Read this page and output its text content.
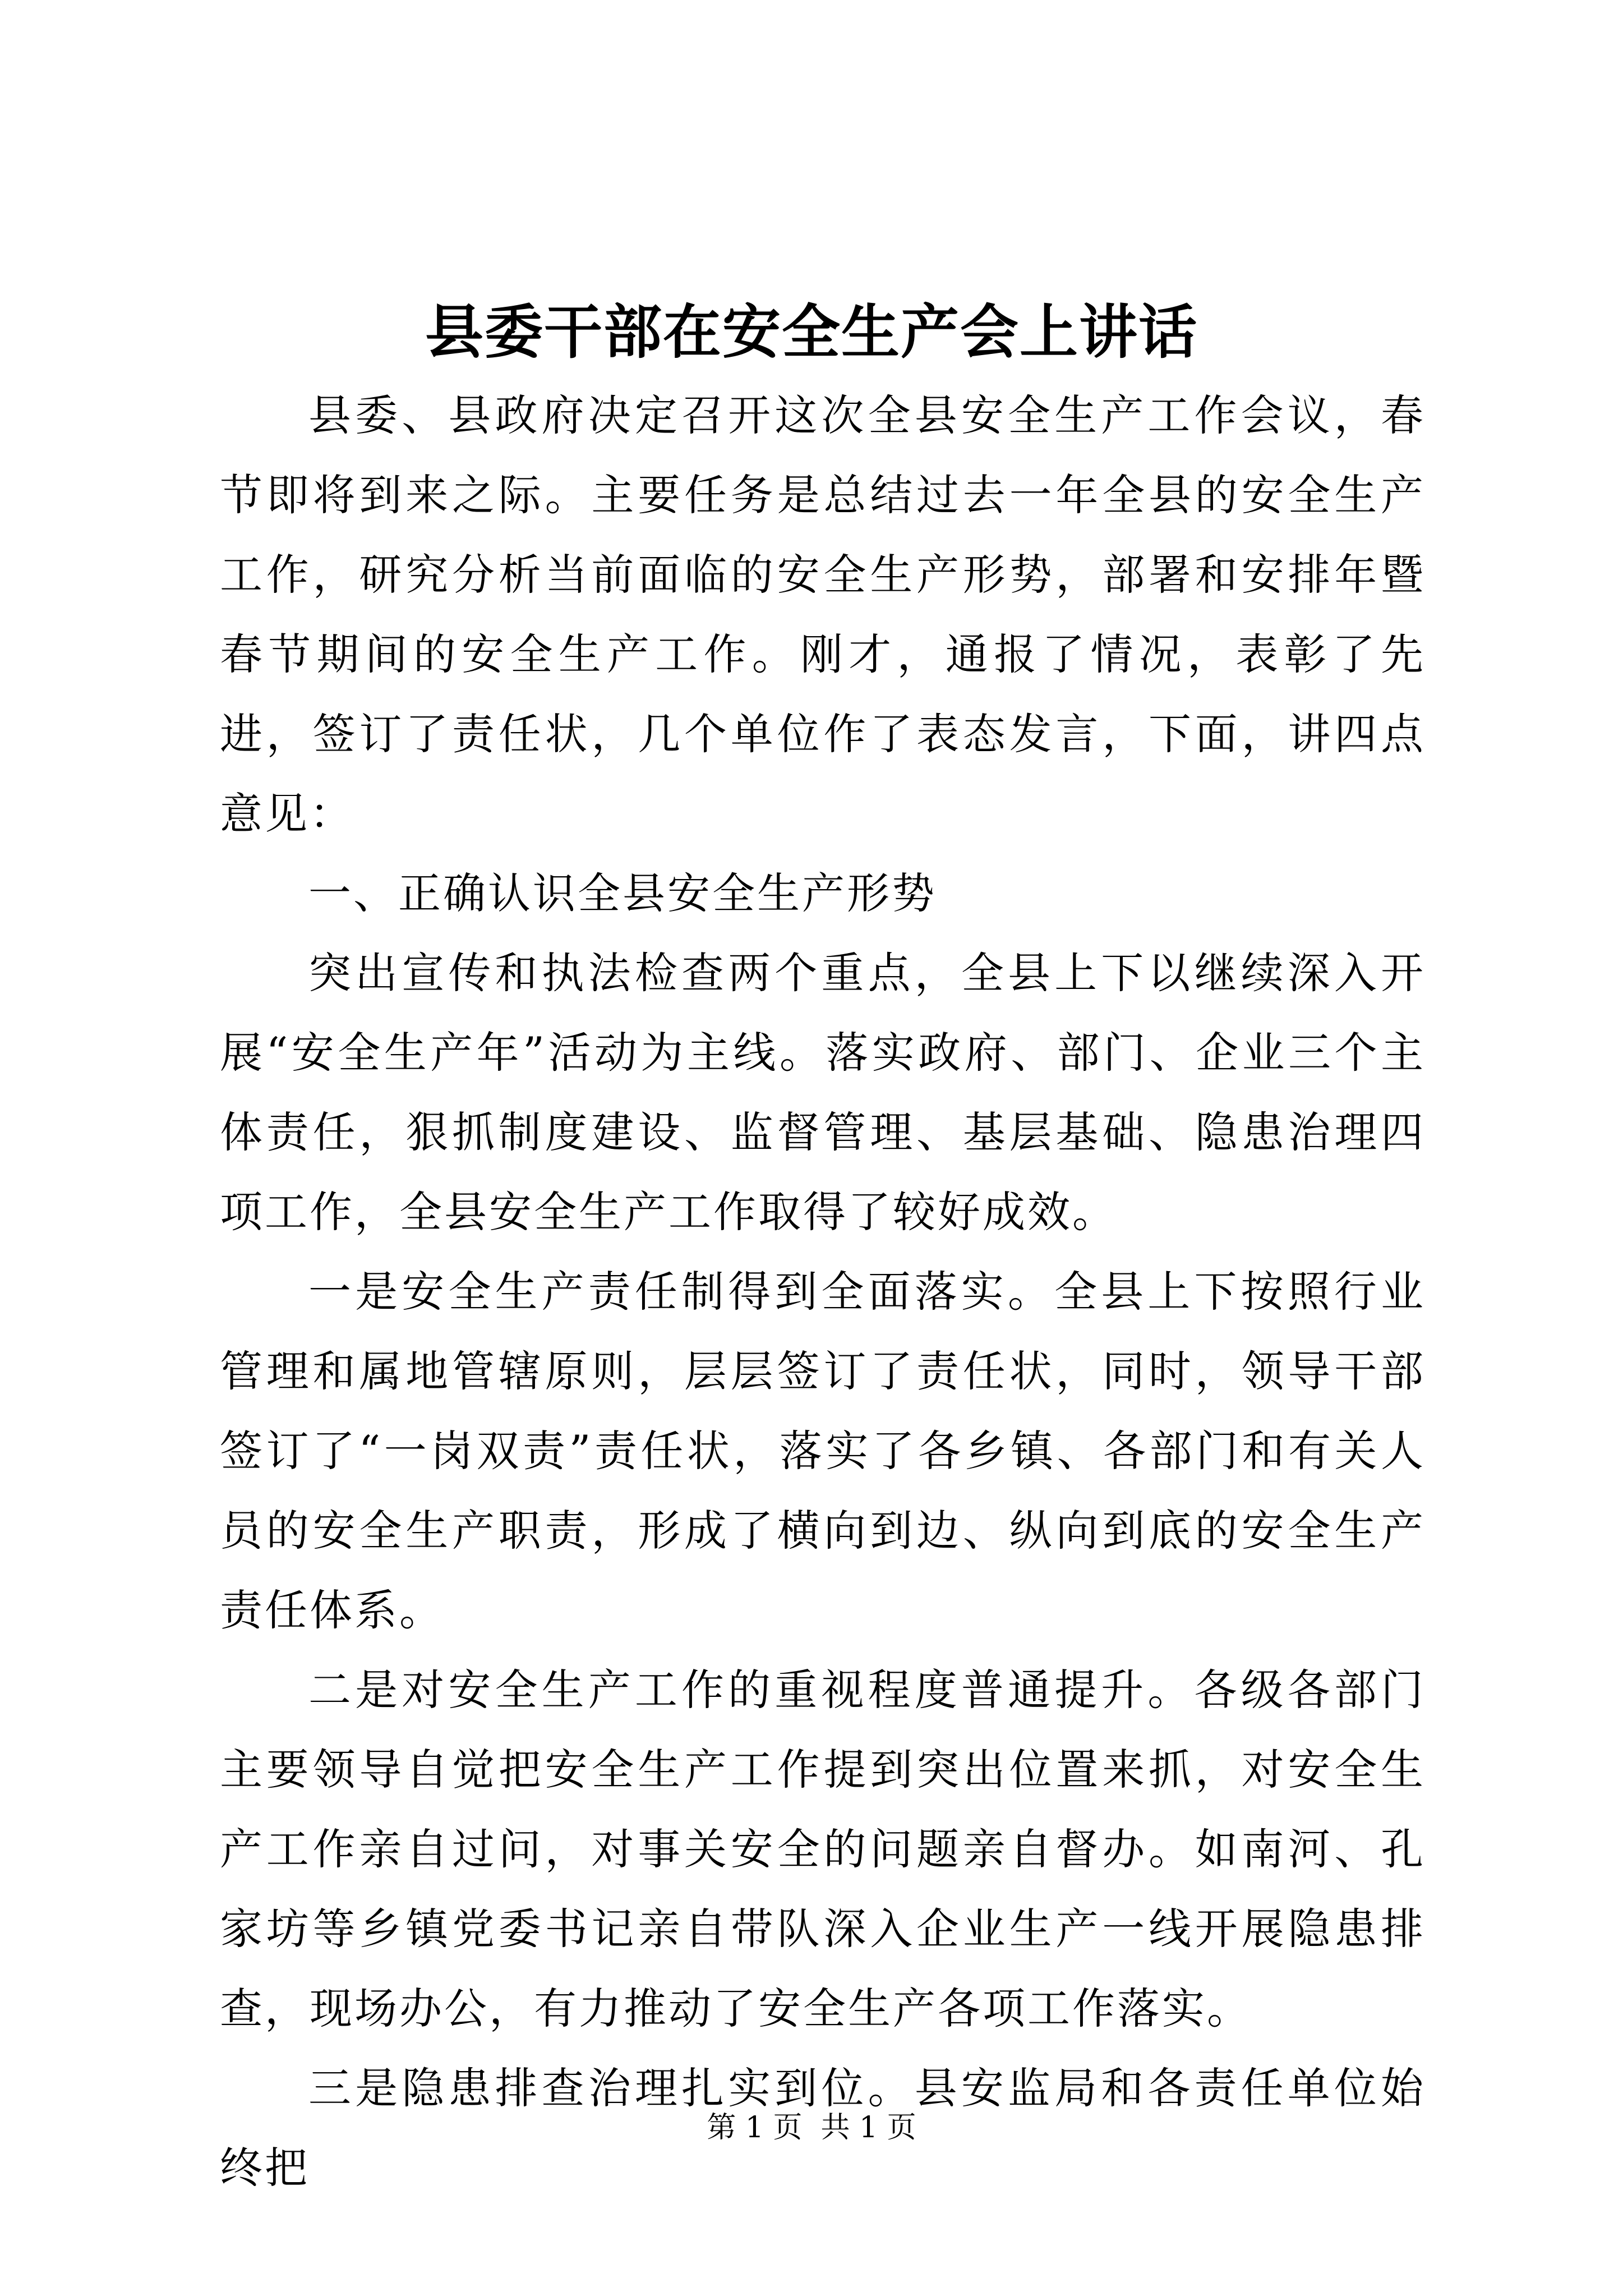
县委干部在安全生产会上讲话

县委、县政府决定召开这次全县安全生产工作会议，春节即将到来之际。主要任务是总结过去一年全县的安全生产工作，研究分析当前面临的安全生产形势，部署和安排年暨春节期间的安全生产工作。刚才，通报了情况，表彰了先进，签订了责任状，几个单位作了表态发言，下面，讲四点意见：

一、正确认识全县安全生产形势

突出宣传和执法检查两个重点，全县上下以继续深入开展“安全生产年”活动为主线。落实政府、部门、企业三个主体责任，狠抓制度建设、监督管理、基层基础、隐患治理四项工作，全县安全生产工作取得了较好成效。

一是安全生产责任制得到全面落实。全县上下按照行业管理和属地管辖原则，层层签订了责任状，同时，领导干部签订了“一岗双责”责任状，落实了各乡镇、各部门和有关人员的安全生产职责，形成了横向到边、纵向到底的安全生产责任体系。

二是对安全生产工作的重视程度普通提升。各级各部门主要领导自觉把安全生产工作提到突出位置来抓，对安全生产工作亲自过问，对事关安全的问题亲自督办。如南河、孔家坊等乡镇党委书记亲自带队深入企业生产一线开展隐患排查，现场办公，有力推动了安全生产各项工作落实。

三是隐患排查治理扎实到位。县安监局和各责任单位始终把

第 1 页  共 1 页
